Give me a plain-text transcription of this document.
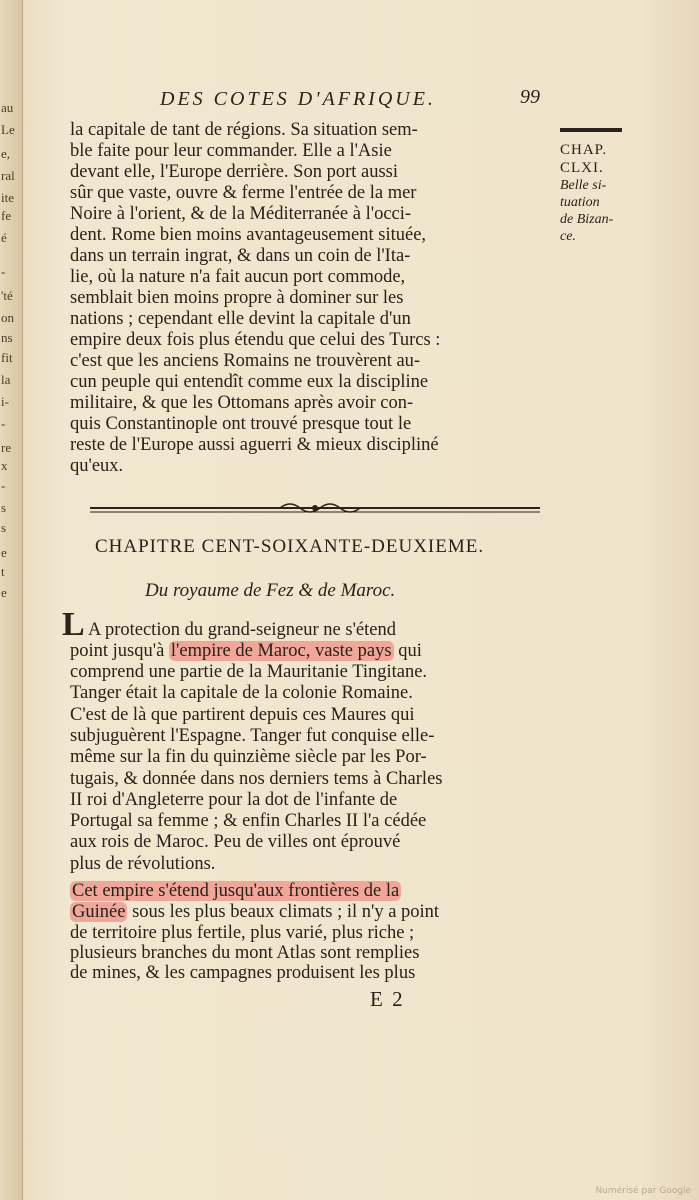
au
Le
e,
ral
ite
fe
é
-
'té
on
ns
fit
la
i-
-
re
x
-
s
s
e
t
e
DES COTES D'AFRIQUE.	99
CHAP.
CLXI.
Belle si-
tuation
de Bizan-
ce.
la capitale de tant de régions. Sa situation sem-
ble faite pour leur commander. Elle a l'Asie
devant elle, l'Europe derrière. Son port aussi
sûr que vaste, ouvre & ferme l'entrée de la mer
Noire à l'orient, & de la Méditerranée à l'occi-
dent. Rome bien moins avantageusement située,
dans un terrain ingrat, & dans un coin de l'Ita-
lie, où la nature n'a fait aucun port commode,
semblait bien moins propre à dominer sur les
nations ; cependant elle devint la capitale d'un
empire deux fois plus étendu que celui des Turcs :
c'est que les anciens Romains ne trouvèrent au-
cun peuple qui entendît comme eux la discipline
militaire, & que les Ottomans après avoir con-
quis Constantinople ont trouvé presque tout le
reste de l'Europe aussi aguerri & mieux discipliné
qu'eux.
CHAPITRE CENT-SOIXANTE-DEUXIEME.
Du royaume de Fez & de Maroc.
L A protection du grand-seigneur ne s'étend
point jusqu'à l'empire de Maroc, vaste pays qui
comprend une partie de la Mauritanie Tingitane.
Tanger était la capitale de la colonie Romaine.
C'est de là que partirent depuis ces Maures qui
subjuguèrent l'Espagne. Tanger fut conquise elle-
même sur la fin du quinzième siècle par les Por-
tugais, & donnée dans nos derniers tems à Charles
II roi d'Angleterre pour la dot de l'infante de
Portugal sa femme ; & enfin Charles II l'a cédée
aux rois de Maroc. Peu de villes ont éprouvé
plus de révolutions.
Cet empire s'étend jusqu'aux frontières de la
Guinée sous les plus beaux climats ; il n'y a point
de territoire plus fertile, plus varié, plus riche ;
plusieurs branches du mont Atlas sont remplies
de mines, & les campagnes produisent les plus
E 2
Numérisé par Google
